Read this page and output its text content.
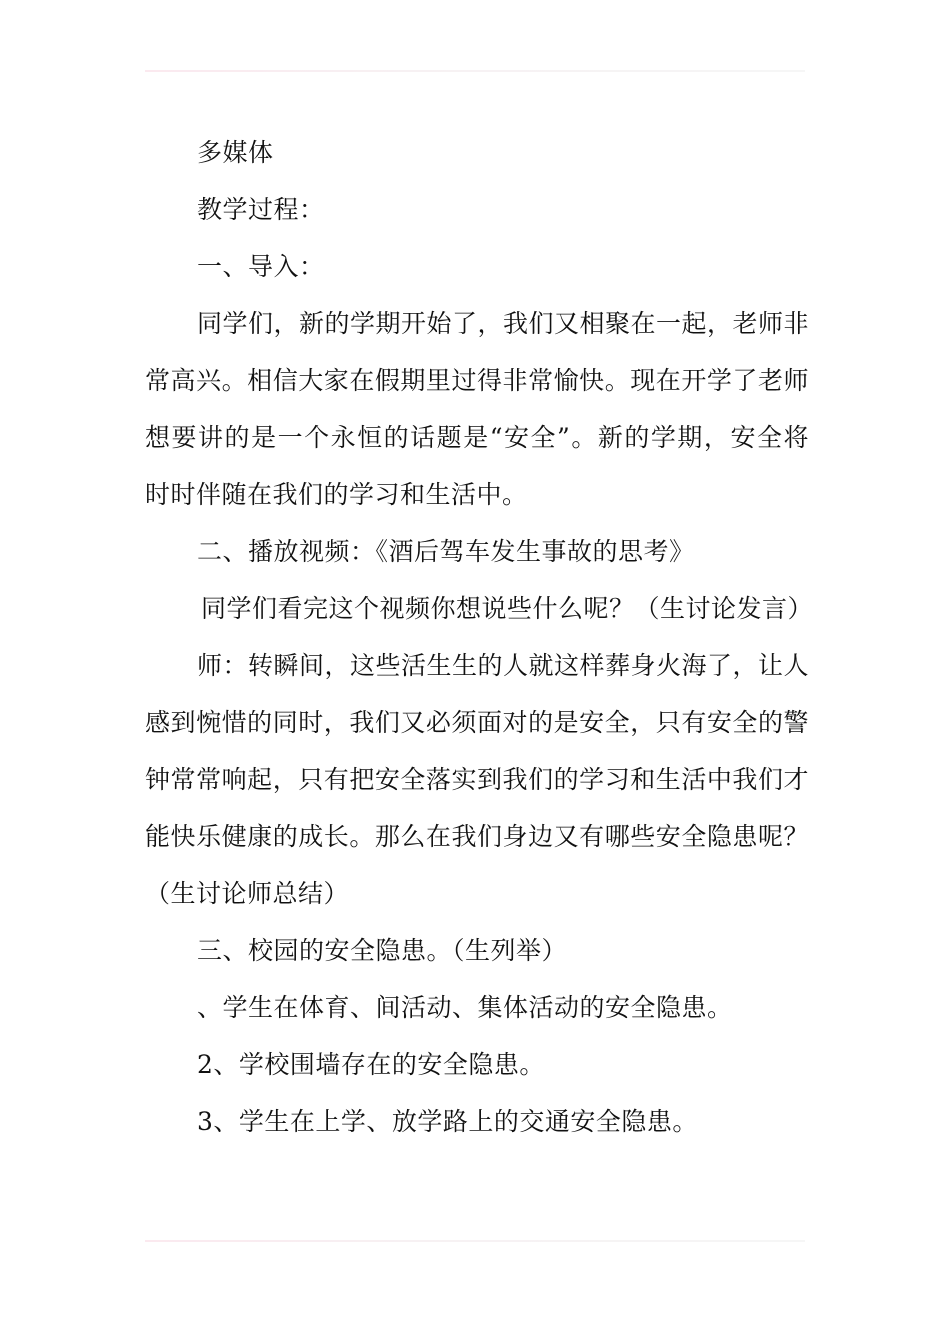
多媒体

教学过程：

一、导入：

同学们，新的学期开始了，我们又相聚在一起，老师非常高兴。相信大家在假期里过得非常愉快。现在开学了老师想要讲的是一个永恒的话题是“安全”。新的学期，安全将时时伴随在我们的学习和生活中。

二、播放视频：《酒后驾车发生事故的思考》

同学们看完这个视频你想说些什么呢？（生讨论发言）

师：转瞬间，这些活生生的人就这样葬身火海了，让人感到惋惜的同时，我们又必须面对的是安全，只有安全的警钟常常响起，只有把安全落实到我们的学习和生活中我们才能快乐健康的成长。那么在我们身边又有哪些安全隐患呢？（生讨论师总结）

三、校园的安全隐患。（生列举）

、学生在体育、间活动、集体活动的安全隐患。

2、学校围墙存在的安全隐患。

3、学生在上学、放学路上的交通安全隐患。
